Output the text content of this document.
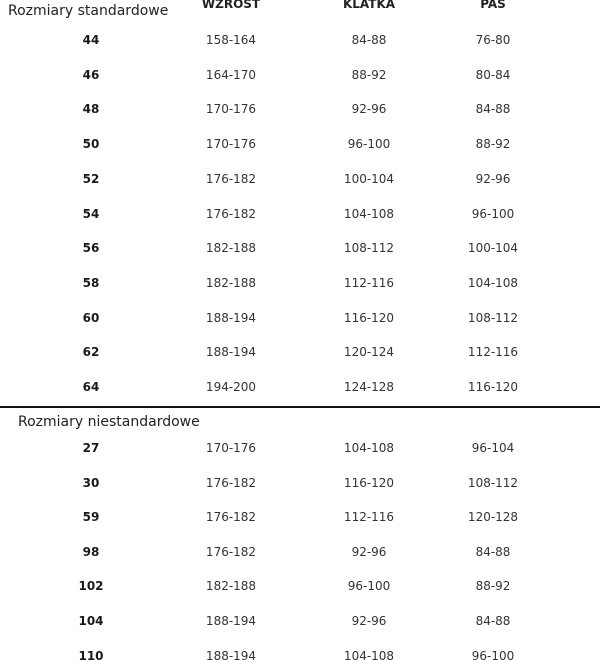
Rozmiary standardowe	WZROST	KLATKA	PAS
44	158-164	84-88	76-80
46	164-170	88-92	80-84
48	170-176	92-96	84-88
50	170-176	96-100	88-92
52	176-182	100-104	92-96
54	176-182	104-108	96-100
56	182-188	108-112	100-104
58	182-188	112-116	104-108
60	188-194	116-120	108-112
62	188-194	120-124	112-116
64	194-200	124-128	116-120
Rozmiary niestandardowe
27	170-176	104-108	96-104
30	176-182	116-120	108-112
59	176-182	112-116	120-128
98	176-182	92-96	84-88
102	182-188	96-100	88-92
104	188-194	92-96	84-88
110	188-194	104-108	96-100
